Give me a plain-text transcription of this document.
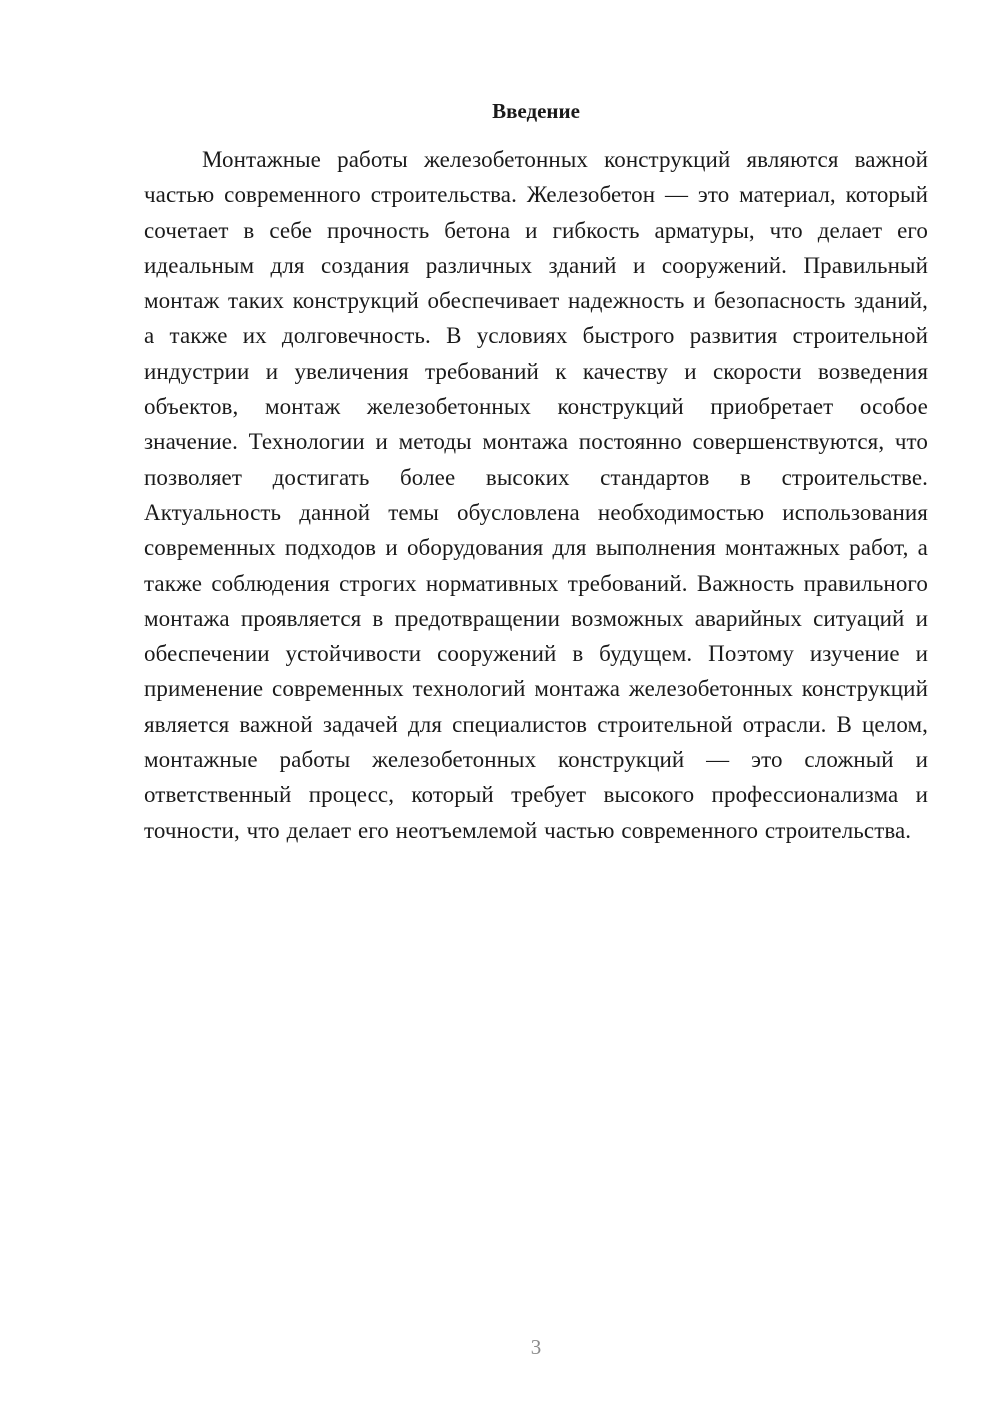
Введение

Монтажные работы железобетонных конструкций являются важной частью современного строительства. Железобетон — это материал, который сочетает в себе прочность бетона и гибкость арматуры, что делает его идеальным для создания различных зданий и сооружений. Правильный монтаж таких конструкций обеспечивает надежность и безопасность зданий, а также их долговечность. В условиях быстрого развития строительной индустрии и увеличения требований к качеству и скорости возведения объектов, монтаж железобетонных конструкций приобретает особое значение. Технологии и методы монтажа постоянно совершенствуются, что позволяет достигать более высоких стандартов в строительстве. Актуальность данной темы обусловлена необходимостью использования современных подходов и оборудования для выполнения монтажных работ, а также соблюдения строгих нормативных требований. Важность правильного монтажа проявляется в предотвращении возможных аварийных ситуаций и обеспечении устойчивости сооружений в будущем. Поэтому изучение и применение современных технологий монтажа железобетонных конструкций является важной задачей для специалистов строительной отрасли. В целом, монтажные работы железобетонных конструкций — это сложный и ответственный процесс, который требует высокого профессионализма и точности, что делает его неотъемлемой частью современного строительства.

3
